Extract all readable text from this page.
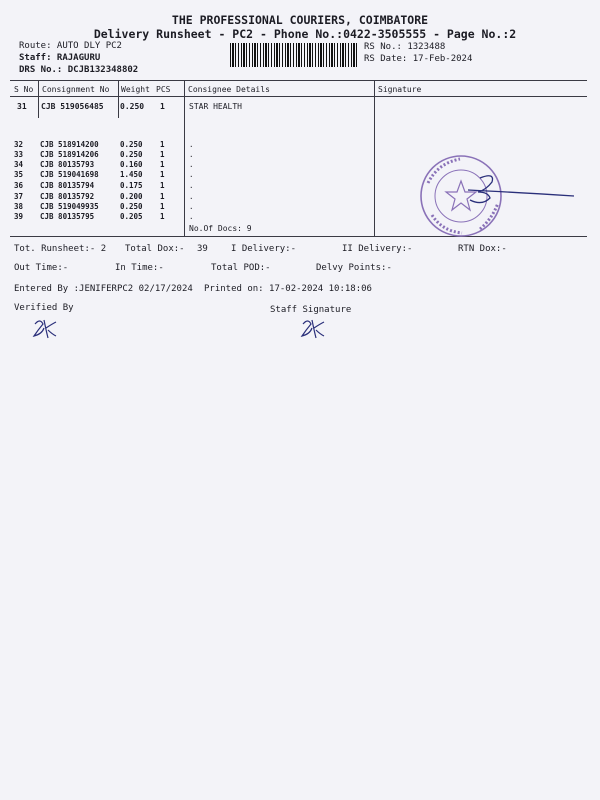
THE PROFESSIONAL COURIERS, COIMBATORE
Delivery Runsheet - PC2 - Phone No.:0422-3505555 - Page No.:2
Route: AUTO DLY PC2
Staff: RAJAGURU
DRS No.: DCJB132348802
RS No.: 1323488
RS Date: 17-Feb-2024
S No Consignment No Weight PCS Consignee Details	Signature
31 CJB 519056485 0.250 1	STAR HEALTH
32 CJB 518914200	0.250 1	.
33 CJB 518914206	0.250 1	.
34 CJB 80135793	0.160 1	.
35 CJB 519041698	1.450 1	.
36 CJB 80135794	0.175 1	.
37 CJB 80135792	0.200 1	.
38 CJB 519049935	0.250 1	.
39 CJB 80135795	0.205 1	.
No.Of Docs: 9
Tot. Runsheet:- 2 Total Dox:- 39	I Delivery:-	II Delivery:-	RTN Dox:-
Out Time:-	In Time:-	Total POD:-	Delvy Points:-
Entered By :JENIFERPC2 02/17/2024 Printed on: 17-02-2024 10:18:06
Verified By	Staff Signature
